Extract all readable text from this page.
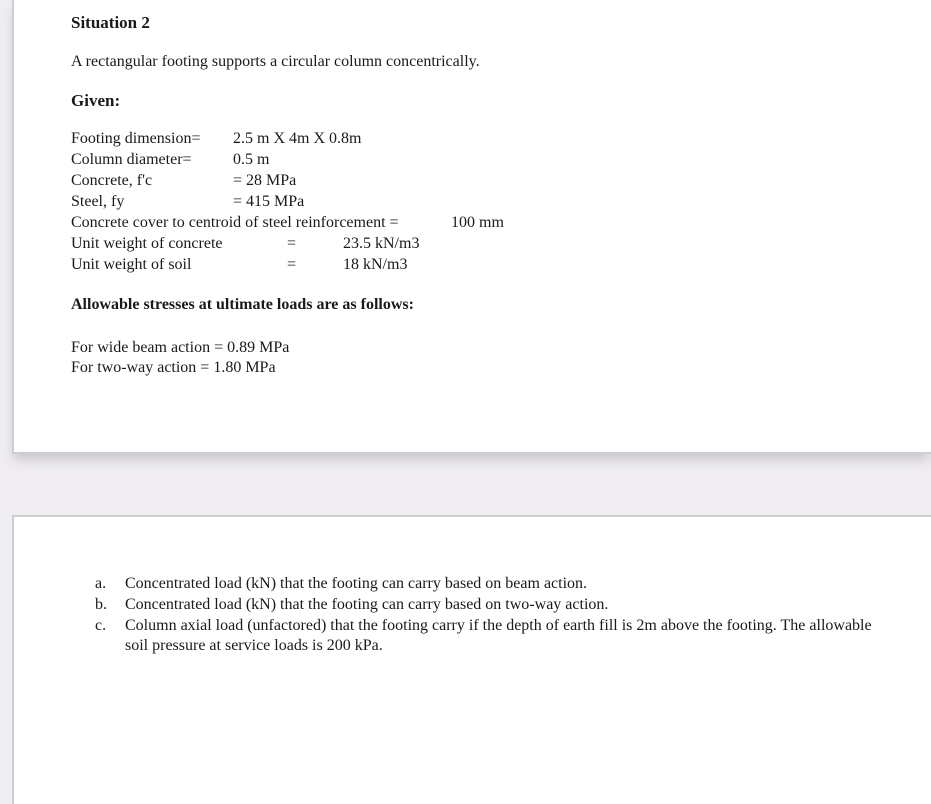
Situation 2
A rectangular footing supports a circular column concentrically.
Given:
Footing dimension= 2.5 m X 4m X 0.8m
Column diameter=	0.5 m
Concrete, f'c	= 28 MPa
Steel, fy	= 415 MPa
Concrete cover to centroid of steel reinforcement =	100 mm
Unit weight of concrete	=	23.5 kN/m3
Unit weight of soil	=	18 kN/m3
Allowable stresses at ultimate loads are as follows:
For wide beam action = 0.89 MPa
For two-way action = 1.80 MPa
a.	Concentrated load (kN) that the footing can carry based on beam action.
b.	Concentrated load (kN) that the footing can carry based on two-way action.
c.	Column axial load (unfactored) that the footing carry if the depth of earth fill is 2m above the footing. The allowable soil pressure at service loads is 200 kPa.
